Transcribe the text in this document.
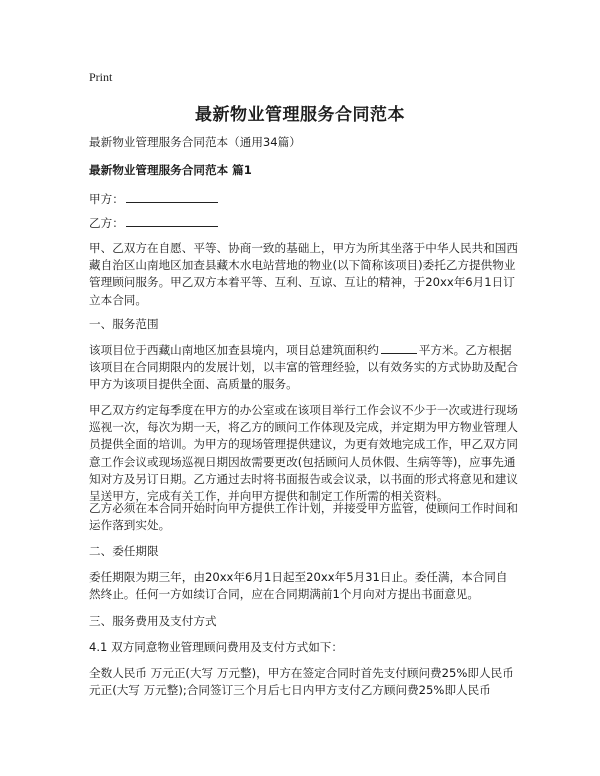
Print
最新物业管理服务合同范本
最新物业管理服务合同范本（通用34篇）
最新物业管理服务合同范本 篇1
甲方：
乙方：

甲、乙双方在自愿、平等、协商一致的基础上，甲方为所其坐落于中华人民共和国西藏自治区山南地区加查县藏木水电站营地的物业(以下简称该项目)委托乙方提供物业管理顾问服务。甲乙双方本着平等、互利、互谅、互让的精神，于20xx年6月1日订立本合同。

一、服务范围

该项目位于西藏山南地区加查县境内，项目总建筑面积约	平方米。乙方根据该项目在合同期限内的发展计划，以丰富的管理经验，以有效务实的方式协助及配合甲方为该项目提供全面、高质量的服务。

甲乙双方约定每季度在甲方的办公室或在该项目举行工作会议不少于一次或进行现场巡视一次，每次为期一天，将乙方的顾问工作体现及完成，并定期为甲方物业管理人员提供全面的培训。为甲方的现场管理提供建议，为更有效地完成工作，甲乙双方同意工作会议或现场巡视日期因故需要更改(包括顾问人员休假、生病等等)，应事先通知对方及另订日期。乙方通过去时将书面报告或会议录，以书面的形式将意见和建议呈送甲方，完成有关工作，并向甲方提供和制定工作所需的相关资料。

乙方必须在本合同开始时向甲方提供工作计划，并接受甲方监管，使顾问工作时间和运作落到实处。

二、委任期限

委任期限为期三年，由20xx年6月1日起至20xx年5月31日止。委任满，本合同自然终止。任何一方如续订合同，应在合同期满前1个月向对方提出书面意见。

三、服务费用及支付方式
4.1 双方同意物业管理顾问费用及支付方式如下：

全数人民币 万元正(大写 万元整)，甲方在签定合同时首先支付顾问费25%即人民币 元正(大写 万元整);合同签订三个月后七日内甲方支付乙方顾问费25%即人民币
